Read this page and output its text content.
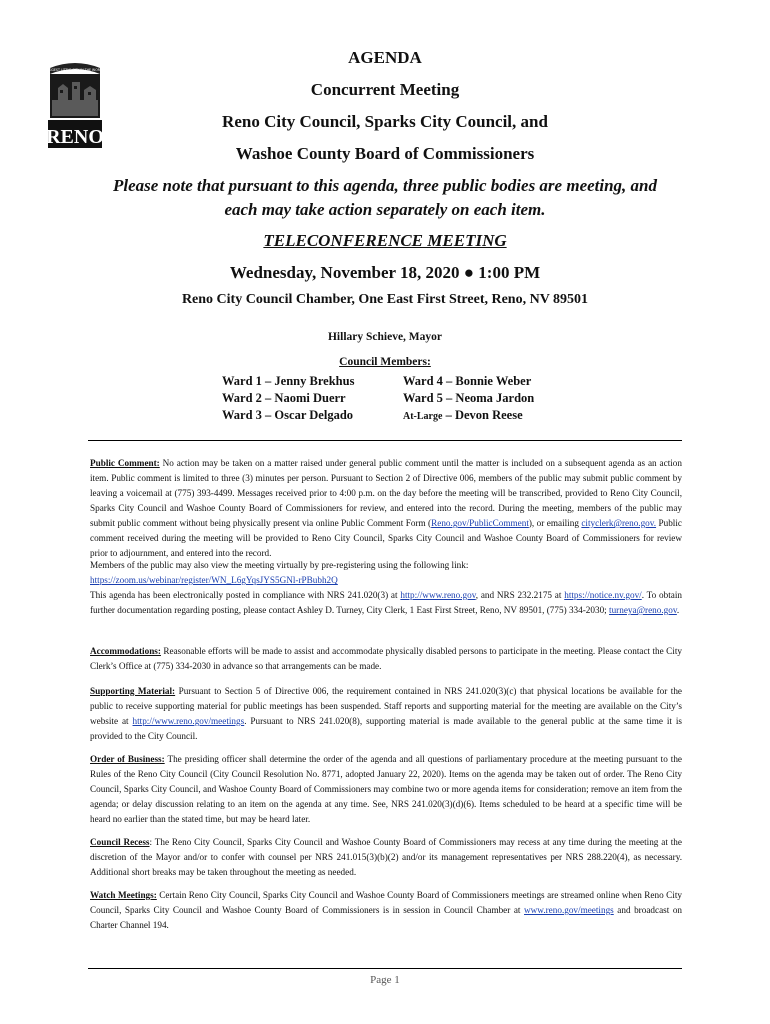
BIGGEST LITTLE CITY IN THE WORLD
CITY OF
RENO
AGENDA
Concurrent Meeting
Reno City Council, Sparks City Council, and
Washoe County Board of Commissioners
Please note that pursuant to this agenda, three public bodies are meeting, and
each may take action separately on each item.
TELECONFERENCE MEETING
Wednesday, November 18, 2020 ● 1:00 PM
Reno City Council Chamber, One East First Street, Reno, NV 89501
Hillary Schieve, Mayor
Council Members:
Ward 1 – Jenny Brekhus
Ward 2 – Naomi Duerr
Ward 3 – Oscar Delgado
Ward 4 – Bonnie Weber
Ward 5 – Neoma Jardon
At-Large – Devon Reese
Public Comment: No action may be taken on a matter raised under general public comment until the matter is included on a subsequent agenda as an action item. Public comment is limited to three (3) minutes per person. Pursuant to Section 2 of Directive 006, members of the public may submit public comment by leaving a voicemail at (775) 393-4499. Messages received prior to 4:00 p.m. on the day before the meeting will be transcribed, provided to Reno City Council, Sparks City Council and Washoe County Board of Commissioners for review, and entered into the record. During the meeting, members of the public may submit public comment without being physically present via online Public Comment Form (Reno.gov/PublicComment), or emailing cityclerk@reno.gov. Public comment received during the meeting will be provided to Reno City Council, Sparks City Council and Washoe County Board of Commissioners for review prior to adjournment, and entered into the record.
Members of the public may also view the meeting virtually by pre-registering using the following link:
https://zoom.us/webinar/register/WN_L6gYqsJYS5GNl-rPBubh2Q
This agenda has been electronically posted in compliance with NRS 241.020(3) at http://www.reno.gov, and NRS 232.2175 at https://notice.nv.gov/. To obtain further documentation regarding posting, please contact Ashley D. Turney, City Clerk, 1 East First Street, Reno, NV 89501, (775) 334-2030; turneya@reno.gov.
Accommodations: Reasonable efforts will be made to assist and accommodate physically disabled persons to participate in the meeting. Please contact the City Clerk’s Office at (775) 334-2030 in advance so that arrangements can be made.
Supporting Material: Pursuant to Section 5 of Directive 006, the requirement contained in NRS 241.020(3)(c) that physical locations be available for the public to receive supporting material for public meetings has been suspended. Staff reports and supporting material for the meeting are available on the City’s website at http://www.reno.gov/meetings. Pursuant to NRS 241.020(8), supporting material is made available to the general public at the same time it is provided to the City Council.
Order of Business: The presiding officer shall determine the order of the agenda and all questions of parliamentary procedure at the meeting pursuant to the Rules of the Reno City Council (City Council Resolution No. 8771, adopted January 22, 2020). Items on the agenda may be taken out of order. The Reno City Council, Sparks City Council, and Washoe County Board of Commissioners may combine two or more agenda items for consideration; remove an item from the agenda; or delay discussion relating to an item on the agenda at any time. See, NRS 241.020(3)(d)(6). Items scheduled to be heard at a specific time will be heard no earlier than the stated time, but may be heard later.
Council Recess: The Reno City Council, Sparks City Council and Washoe County Board of Commissioners may recess at any time during the meeting at the discretion of the Mayor and/or to confer with counsel per NRS 241.015(3)(b)(2) and/or its management representatives per NRS 288.220(4), as necessary. Additional short breaks may be taken throughout the meeting as needed.
Watch Meetings: Certain Reno City Council, Sparks City Council and Washoe County Board of Commissioners meetings are streamed online when Reno City Council, Sparks City Council and Washoe County Board of Commissioners is in session in Council Chamber at www.reno.gov/meetings and broadcast on Charter Channel 194.
Page 1
